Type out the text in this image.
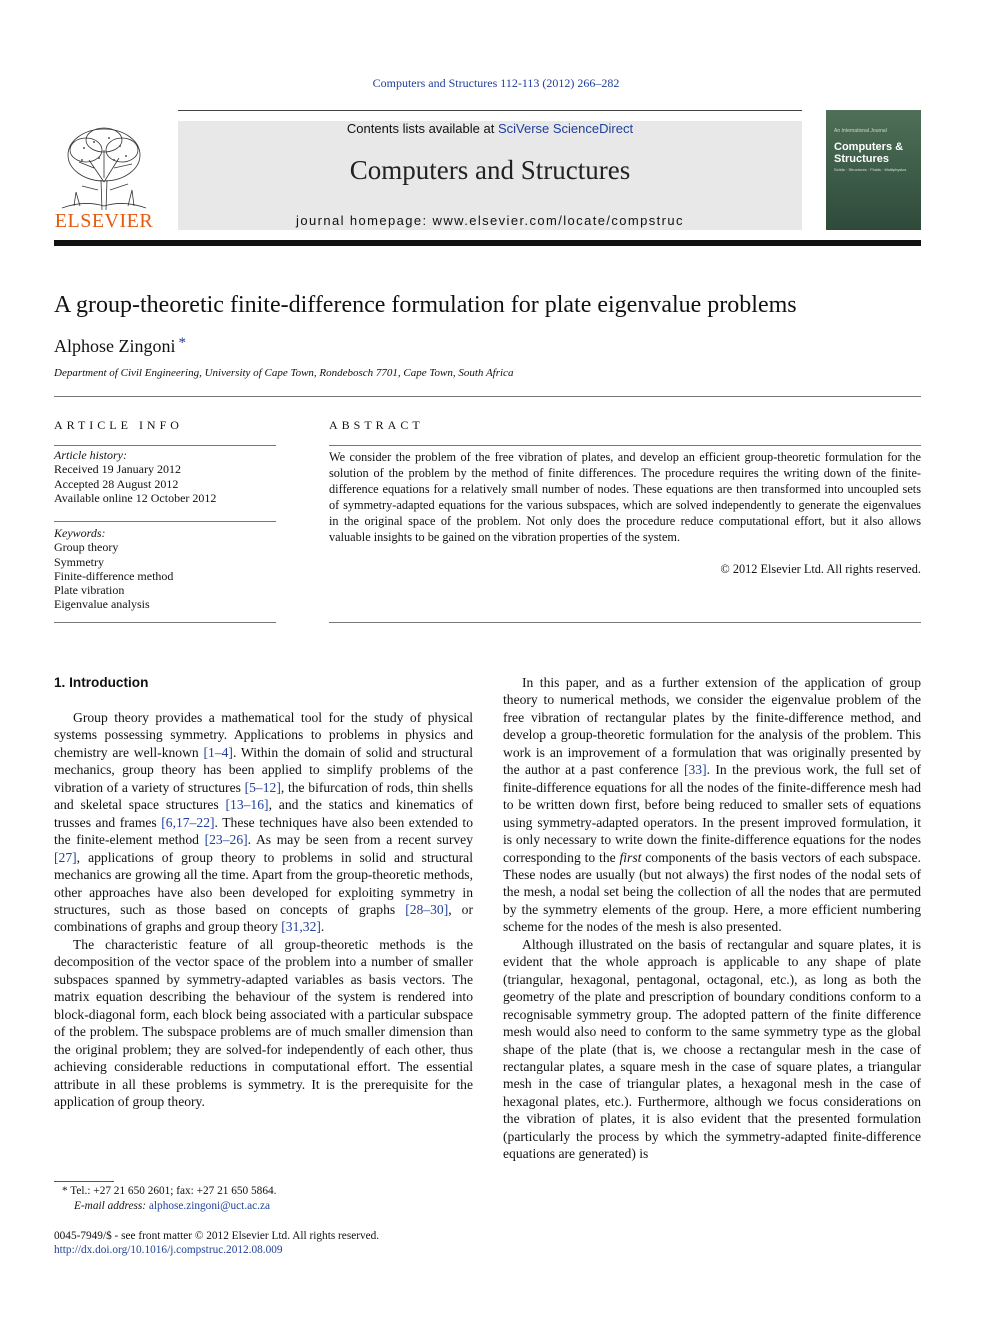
Computers and Structures 112-113 (2012) 266–282
ELSEVIER
Contents lists available at SciVerse ScienceDirect
Computers and Structures
journal homepage: www.elsevier.com/locate/compstruc
An International Journal
Computers & Structures
Solids · Structures · Fluids · Multiphysics
A group-theoretic finite-difference formulation for plate eigenvalue problems
Alphose Zingoni *
Department of Civil Engineering, University of Cape Town, Rondebosch 7701, Cape Town, South Africa
ARTICLE INFO
Article history:
Received 19 January 2012
Accepted 28 August 2012
Available online 12 October 2012
Keywords:
Group theory
Symmetry
Finite-difference method
Plate vibration
Eigenvalue analysis
ABSTRACT
We consider the problem of the free vibration of plates, and develop an efficient group-theoretic formulation for the solution of the problem by the method of finite differences. The procedure requires the writing down of the finite-difference equations for a relatively small number of nodes. These equations are then transformed into uncoupled sets of symmetry-adapted equations for the various subspaces, which are solved independently to generate the eigenvalues in the original space of the problem. Not only does the procedure reduce computational effort, but it also allows valuable insights to be gained on the vibration properties of the system.
© 2012 Elsevier Ltd. All rights reserved.
1. Introduction

Group theory provides a mathematical tool for the study of physical systems possessing symmetry. Applications to problems in physics and chemistry are well-known [1–4]. Within the domain of solid and structural mechanics, group theory has been applied to simplify problems of the vibration of a variety of structures [5–12], the bifurcation of rods, thin shells and skeletal space structures [13–16], and the statics and kinematics of trusses and frames [6,17–22]. These techniques have also been extended to the finite-element method [23–26]. As may be seen from a recent survey [27], applications of group theory to problems in solid and structural mechanics are growing all the time. Apart from the group-theoretic methods, other approaches have also been developed for exploiting symmetry in structures, such as those based on concepts of graphs [28–30], or combinations of graphs and group theory [31,32].

The characteristic feature of all group-theoretic methods is the decomposition of the vector space of the problem into a number of smaller subspaces spanned by symmetry-adapted variables as basis vectors. The matrix equation describing the behaviour of the system is rendered into block-diagonal form, each block being associated with a particular subspace of the problem. The subspace problems are of much smaller dimension than the original problem; they are solved-for independently of each other, thus achieving considerable reductions in computational effort. The essential attribute in all these problems is symmetry. It is the prerequisite for the application of group theory.

In this paper, and as a further extension of the application of group theory to numerical methods, we consider the eigenvalue problem of the free vibration of rectangular plates by the finite-difference method, and develop a group-theoretic formulation for the analysis of the problem. This work is an improvement of a formulation that was originally presented by the author at a past conference [33]. In the previous work, the full set of finite-difference equations for all the nodes of the finite-difference mesh had to be written down first, before being reduced to smaller sets of equations using symmetry-adapted operators. In the present improved formulation, it is only necessary to write down the finite-difference equations for the nodes corresponding to the first components of the basis vectors of each subspace. These nodes are usually (but not always) the first nodes of the nodal sets of the mesh, a nodal set being the collection of all the nodes that are permuted by the symmetry elements of the group. Here, a more efficient numbering scheme for the nodes of the mesh is also presented.

Although illustrated on the basis of rectangular and square plates, it is evident that the whole approach is applicable to any shape of plate (triangular, hexagonal, pentagonal, octagonal, etc.), as long as both the geometry of the plate and prescription of boundary conditions conform to a recognisable symmetry group. The adopted pattern of the finite difference mesh would also need to conform to the same symmetry type as the global shape of the plate (that is, we choose a rectangular mesh in the case of rectangular plates, a square mesh in the case of square plates, a triangular mesh in the case of triangular plates, a hexagonal mesh in the case of hexagonal plates, etc.). Furthermore, although we focus considerations on the vibration of plates, it is also evident that the presented formulation (particularly the process by which the symmetry-adapted finite-difference equations are generated) is

* Tel.: +27 21 650 2601; fax: +27 21 650 5864.
E-mail address: alphose.zingoni@uct.ac.za
0045-7949/$ - see front matter © 2012 Elsevier Ltd. All rights reserved.
http://dx.doi.org/10.1016/j.compstruc.2012.08.009
